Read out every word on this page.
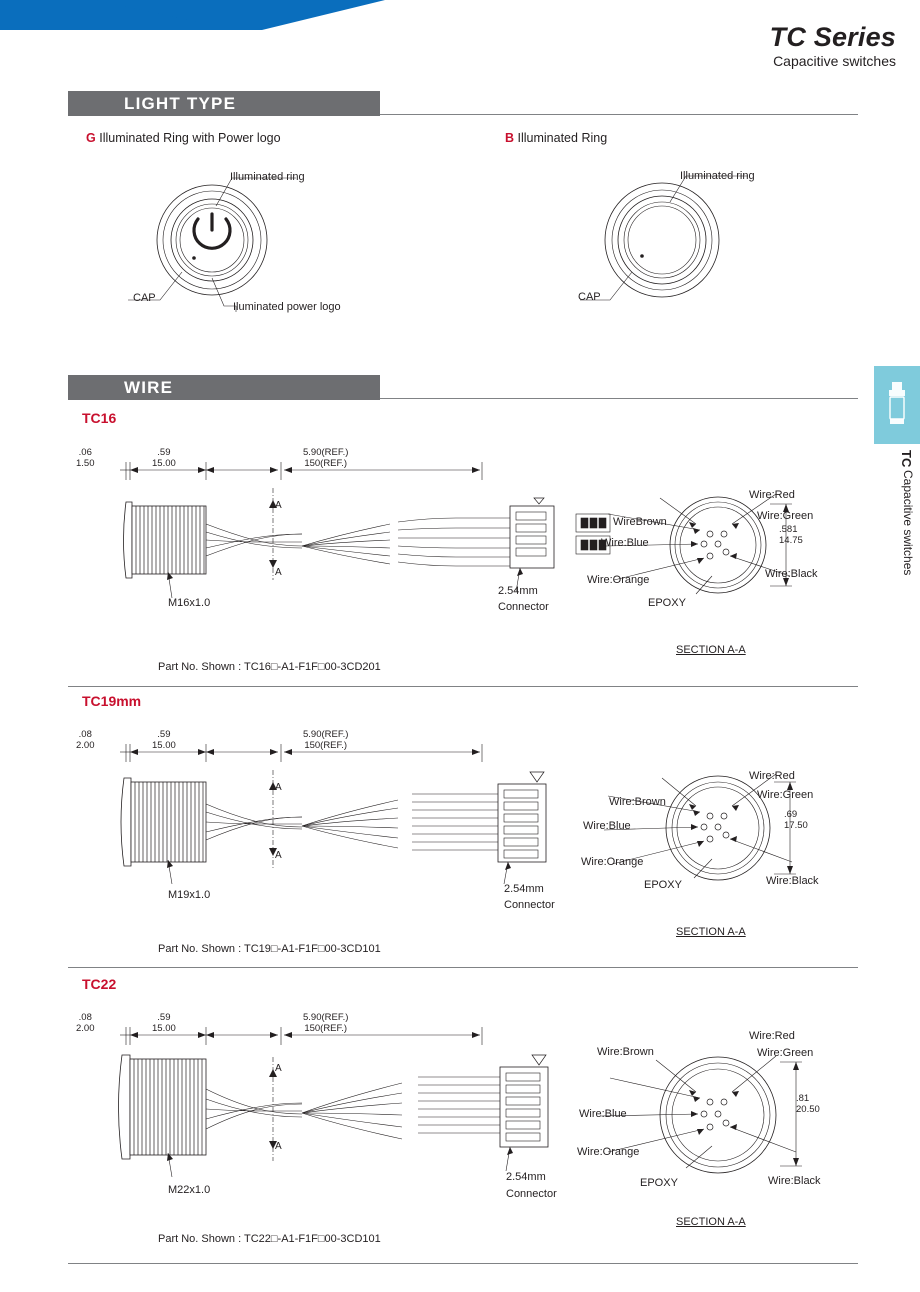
TC Series
Capacitive switches
LIGHT TYPE
G Illuminated Ring with Power logo
Illuminated ring
CAP
Iluminated power logo
B Illuminated Ring
Illuminated ring
CAP
WIRE
TC
Capacitive switches
TC16
.06
1.50
.59
15.00
5.90(REF.)
150(REF.)
A
A
M16x1.0
2.54mm
Connector
Wire:Red
Wire:Green
WireBrown
Wire:Blue
Wire:Orange	Wire:Black
EPOXY
.581
14.75
SECTION A-A
Part No. Shown : TC16□-A1-F1F□00-3CD201
TC19mm
.08
2.00
.59
15.00
5.90(REF.)
150(REF.)
A
A
M19x1.0	2.54mm
Connector
Wire:Red
Wire:Green
Wire:Brown
Wire:Blue
Wire:Orange
Wire:Black
EPOXY
.69
17.50
SECTION A-A
Part No. Shown : TC19□-A1-F1F□00-3CD101
TC22
.08
2.00
.59
15.00
5.90(REF.)
150(REF.)
A
A
M22x1.0
2.54mm
Connector
Wire:Red
Wire:Green
Wire:Brown
Wire:Blue
Wire:Orange
Wire:Black
EPOXY
.81
20.50
SECTION A-A
Part No. Shown : TC22□-A1-F1F□00-3CD101
